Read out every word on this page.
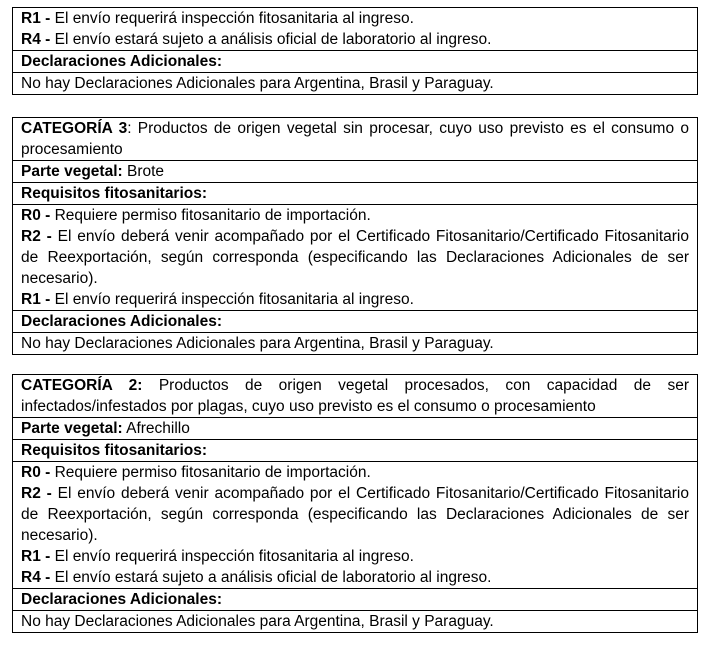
R1 - El envío requerirá inspección fitosanitaria al ingreso.
R4 - El envío estará sujeto a análisis oficial de laboratorio al ingreso.
Declaraciones Adicionales:
No hay Declaraciones Adicionales para Argentina, Brasil y Paraguay.
CATEGORÍA 3: Productos de origen vegetal sin procesar, cuyo uso previsto es el consumo o procesamiento
Parte vegetal: Brote
Requisitos fitosanitarios:
R0 - Requiere permiso fitosanitario de importación.
R2 - El envío deberá venir acompañado por el Certificado Fitosanitario/Certificado Fitosanitario de Reexportación, según corresponda (especificando las Declaraciones Adicionales de ser necesario).
R1 - El envío requerirá inspección fitosanitaria al ingreso.
Declaraciones Adicionales:
No hay Declaraciones Adicionales para Argentina, Brasil y Paraguay.
CATEGORÍA 2: Productos de origen vegetal procesados, con capacidad de ser infectados/infestados por plagas, cuyo uso previsto es el consumo o procesamiento
Parte vegetal: Afrechillo
Requisitos fitosanitarios:
R0 - Requiere permiso fitosanitario de importación.
R2 - El envío deberá venir acompañado por el Certificado Fitosanitario/Certificado Fitosanitario de Reexportación, según corresponda (especificando las Declaraciones Adicionales de ser necesario).
R1 - El envío requerirá inspección fitosanitaria al ingreso.
R4 - El envío estará sujeto a análisis oficial de laboratorio al ingreso.
Declaraciones Adicionales:
No hay Declaraciones Adicionales para Argentina, Brasil y Paraguay.
